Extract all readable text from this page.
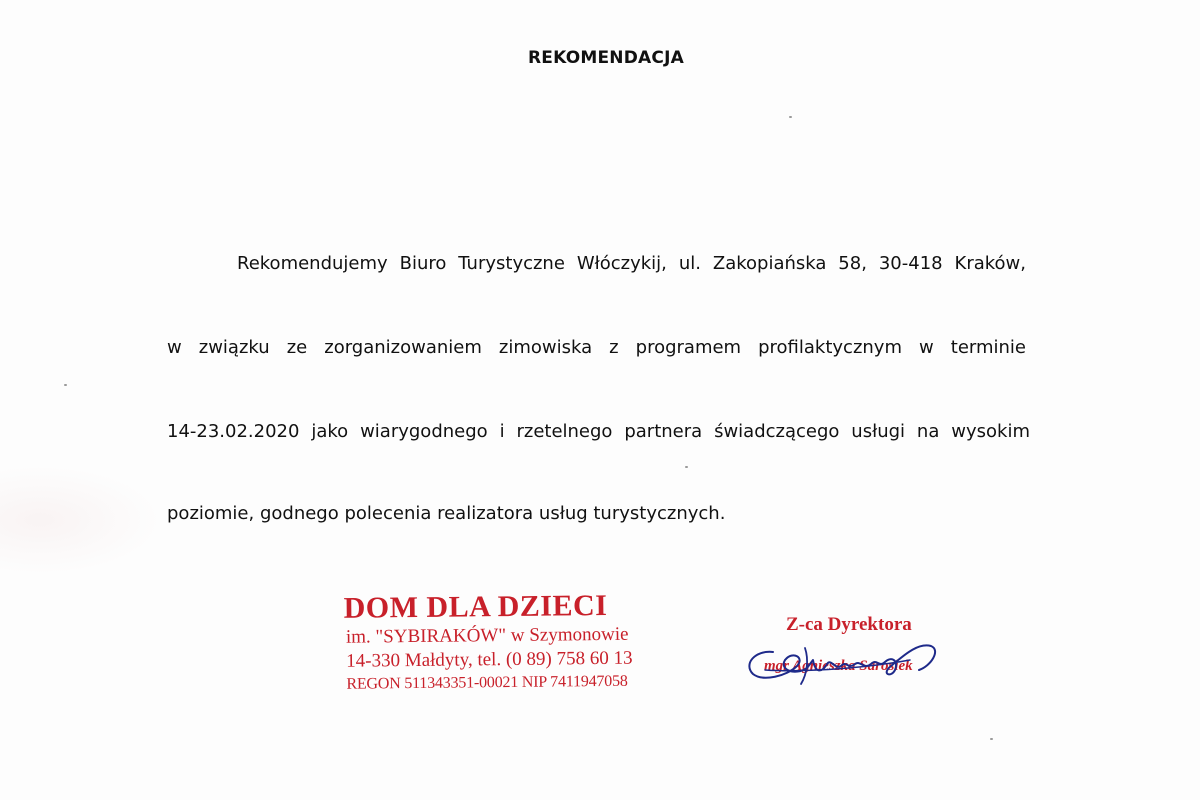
REKOMENDACJA
Rekomendujemy Biuro Turystyczne Włóczykij, ul. Zakopiańska 58, 30-418 Kraków,
w związku ze zorganizowaniem zimowiska z programem profilaktycznym w terminie
14-23.02.2020 jako wiarygodnego i rzetelnego partnera świadczącego usługi na wysokim
poziomie, godnego polecenia realizatora usług turystycznych.
DOM DLA DZIECI
im. "SYBIRAKÓW" w Szymonowie
14-330 Małdyty, tel. (0 89) 758 60 13
REGON 511343351-00021 NIP 7411947058
Z-ca Dyrektora
mgr Agnieszka Sarosiek
